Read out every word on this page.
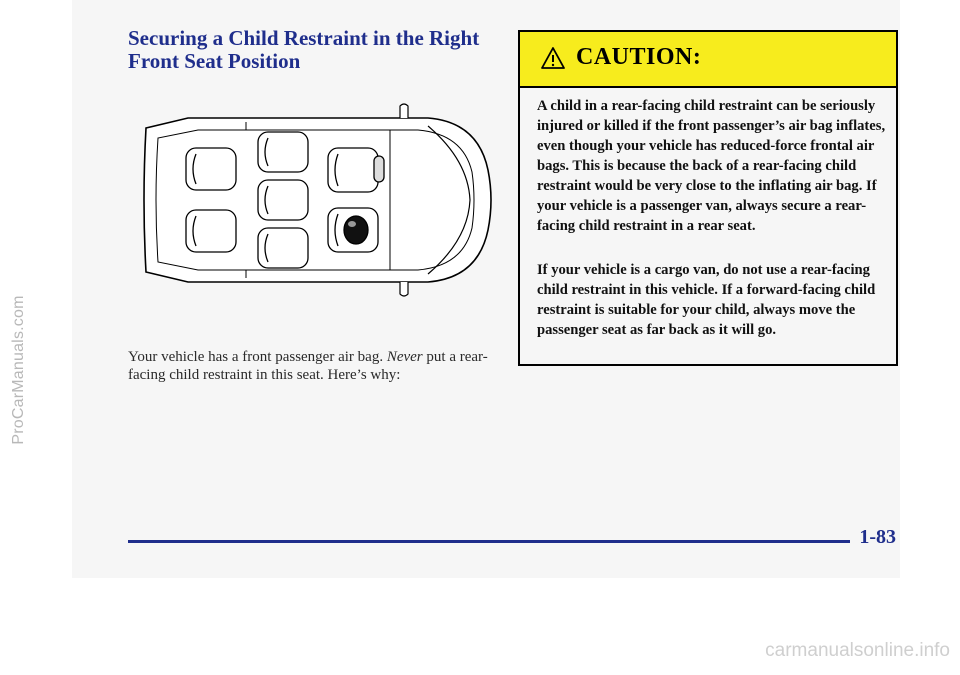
ProCarManuals.com
Securing a Child Restraint in the Right Front Seat Position

Your vehicle has a front passenger air bag. Never put a rear-facing child restraint in this seat. Here’s why:

CAUTION:

A child in a rear-facing child restraint can be seriously injured or killed if the front passenger’s air bag inflates, even though your vehicle has reduced-force frontal air bags. This is because the back of a rear-facing child restraint would be very close to the inflating air bag. If your vehicle is a passenger van, always secure a rear-facing child restraint in a rear seat.

If your vehicle is a cargo van, do not use a rear-facing child restraint in this vehicle. If a forward-facing child restraint is suitable for your child, always move the passenger seat as far back as it will go.

1-83

carmanualsonline.info
